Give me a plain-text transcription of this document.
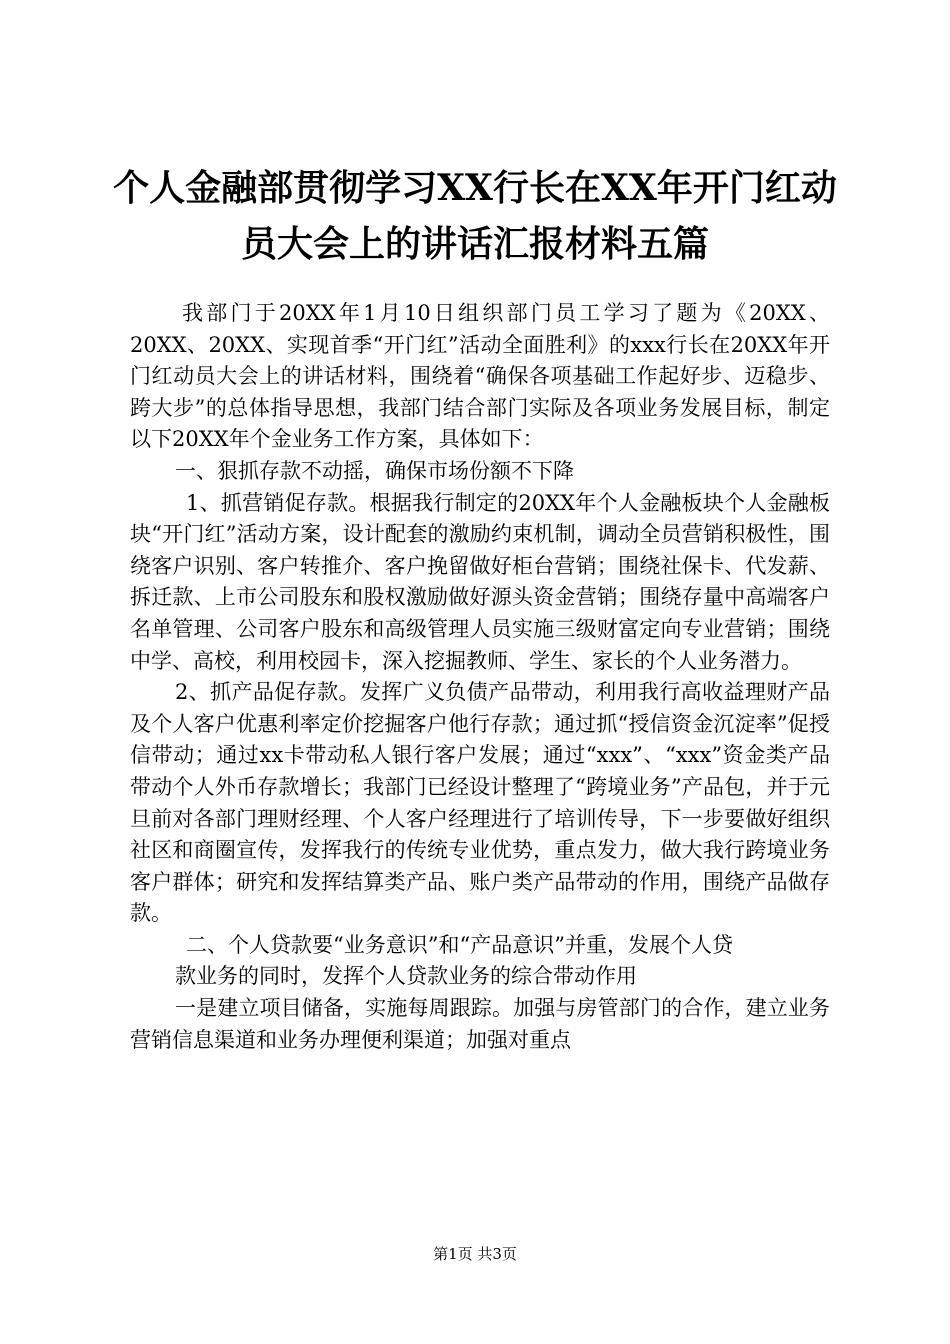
个人金融部贯彻学习XX行长在XX年开门红动
员大会上的讲话汇报材料五篇

我部门于20XX年1月10日组织部门员工学习了题为《20XX、20XX、20XX、实现首季“开门红”活动全面胜利》的xxx行长在20XX年开门红动员大会上的讲话材料，围绕着“确保各项基础工作起好步、迈稳步、跨大步”的总体指导思想，我部门结合部门实际及各项业务发展目标，制定以下20XX年个金业务工作方案，具体如下：

一、狠抓存款不动摇，确保市场份额不下降

1、抓营销促存款。根据我行制定的20XX年个人金融板块个人金融板块“开门红”活动方案，设计配套的激励约束机制，调动全员营销积极性，围绕客户识别、客户转推介、客户挽留做好柜台营销；围绕社保卡、代发薪、拆迁款、上市公司股东和股权激励做好源头资金营销；围绕存量中高端客户名单管理、公司客户股东和高级管理人员实施三级财富定向专业营销；围绕中学、高校，利用校园卡，深入挖掘教师、学生、家长的个人业务潜力。

2、抓产品促存款。发挥广义负债产品带动，利用我行高收益理财产品及个人客户优惠利率定价挖掘客户他行存款；通过抓“授信资金沉淀率”促授信带动；通过xx卡带动私人银行客户发展；通过“xxx”、“xxx”资金类产品带动个人外币存款增长；我部门已经设计整理了“跨境业务”产品包，并于元旦前对各部门理财经理、个人客户经理进行了培训传导，下一步要做好组织社区和商圈宣传，发挥我行的传统专业优势，重点发力，做大我行跨境业务客户群体；研究和发挥结算类产品、账户类产品带动的作用，围绕产品做存款。

二、个人贷款要“业务意识”和“产品意识”并重，发展个人贷

款业务的同时，发挥个人贷款业务的综合带动作用

一是建立项目储备，实施每周跟踪。加强与房管部门的合作，建立业务营销信息渠道和业务办理便利渠道；加强对重点

第1页 共3页
